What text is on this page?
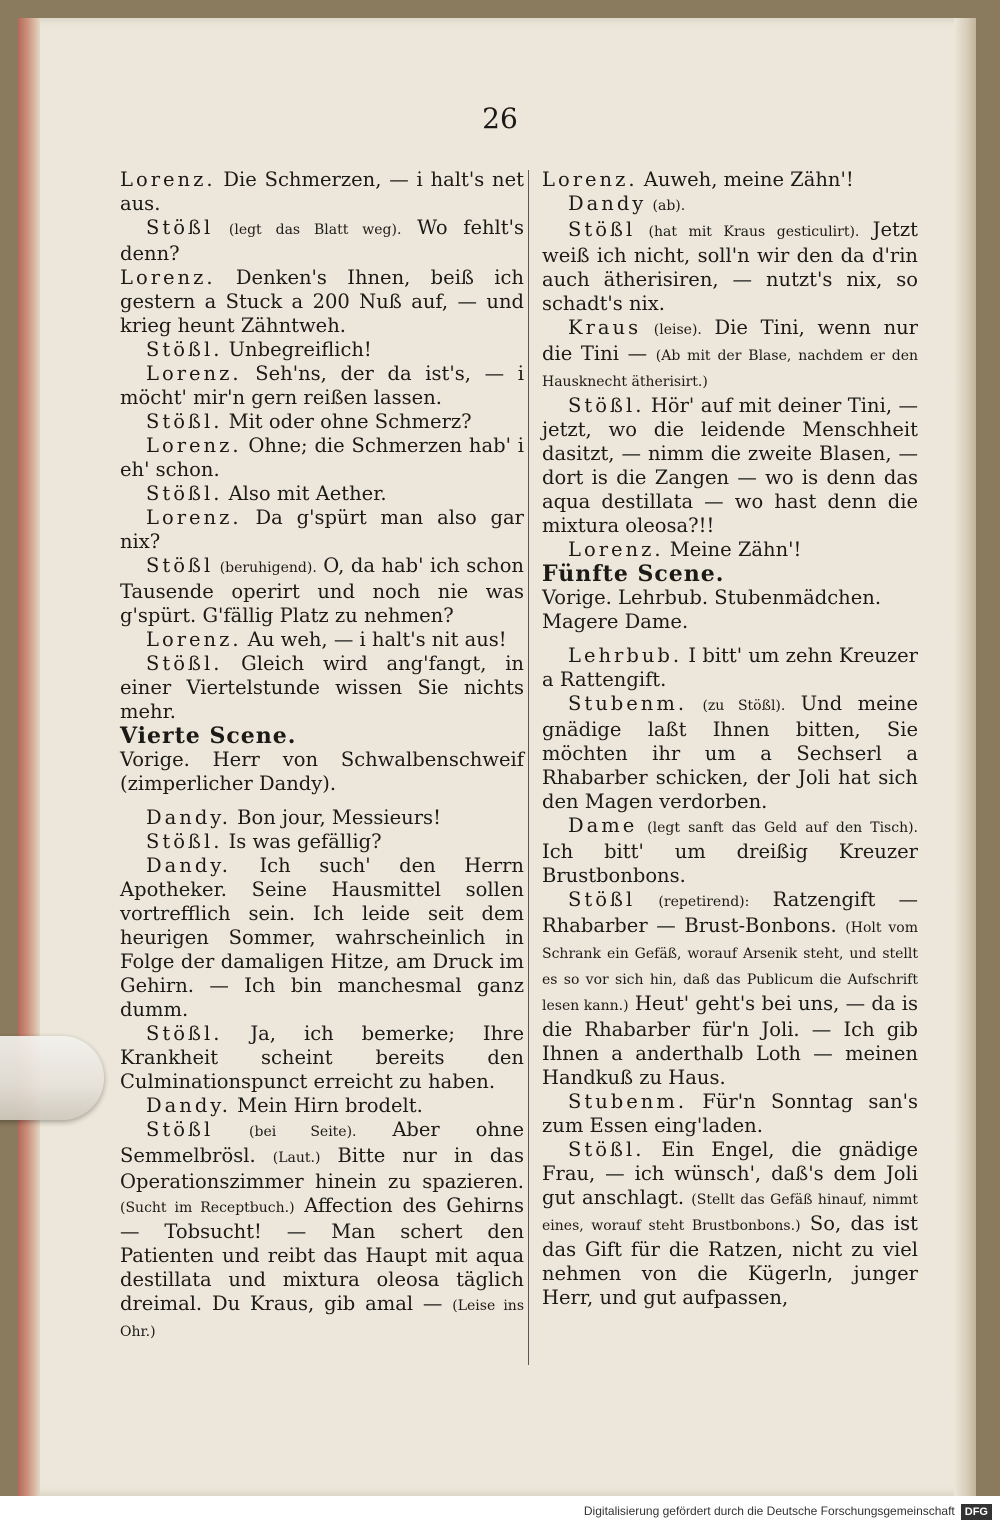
26

Lorenz. Die Schmerzen, — i halt's net aus.

Stößl (legt das Blatt weg). Wo fehlt's denn?

Lorenz. Denken's Ihnen, beiß ich gestern a Stuck a 200 Nuß auf, — und krieg heunt Zähntweh.

Stößl. Unbegreiflich!

Lorenz. Seh'ns, der da ist's, — i möcht' mir'n gern reißen lassen.

Stößl. Mit oder ohne Schmerz?

Lorenz. Ohne; die Schmerzen hab' i eh' schon.

Stößl. Also mit Aether.

Lorenz. Da g'spürt man also gar nix?

Stößl (beruhigend). O, da hab' ich schon Tausende operirt und noch nie was g'spürt. G'fällig Platz zu nehmen?

Lorenz. Au weh, — i halt's nit aus!

Stößl. Gleich wird ang'fangt, in einer Viertelstunde wissen Sie nichts mehr.

Vierte Scene.

Vorige. Herr von Schwalbenschweif (zimperlicher Dandy).

Dandy. Bon jour, Messieurs!

Stößl. Is was gefällig?

Dandy. Ich such' den Herrn Apotheker. Seine Hausmittel sollen vortrefflich sein. Ich leide seit dem heurigen Sommer, wahrscheinlich in Folge der damaligen Hitze, am Druck im Gehirn. — Ich bin manchesmal ganz dumm.

Stößl. Ja, ich bemerke; Ihre Krankheit scheint bereits den Culminationspunct erreicht zu haben.

Dandy. Mein Hirn brodelt.

Stößl	(bei Seite). Aber ohne Semmelbrösl. (Laut.) Bitte nur in das Operationszimmer hinein zu spazieren. (Sucht im Receptbuch.) Affection des Gehirns — Tobsucht! — Man schert den Patienten und reibt das Haupt mit aqua destillata und mixtura oleosa täglich dreimal. Du Kraus, gib amal — (Leise ins Ohr.)

Lorenz. Auweh, meine Zähn'!

Dandy (ab).

Stößl (hat mit Kraus gesticulirt). Jetzt weiß ich nicht, soll'n wir den da d'rin auch ätherisiren, — nutzt's nix, so schadt's nix.

Kraus (leise). Die Tini, wenn nur die Tini — (Ab mit der Blase, nachdem er den Hausknecht ätherisirt.)

Stößl. Hör' auf mit deiner Tini, — jetzt, wo die leidende Menschheit dasitzt, — nimm die zweite Blasen, — dort is die Zangen — wo is denn das aqua destillata — wo hast denn die mixtura oleosa?!!

Lorenz. Meine Zähn'!

Fünfte Scene.

Vorige. Lehrbub. Stubenmädchen.

Magere Dame.

Lehrbub. I bitt' um zehn Kreuzer a Rattengift.

Stubenm. (zu Stößl). Und meine gnädige laßt Ihnen bitten, Sie möchten ihr um a Sechserl a Rhabarber schicken, der Joli hat sich den Magen verdorben.

Dame (legt sanft das Geld auf den Tisch). Ich bitt' um dreißig Kreuzer Brustbonbons.

Stößl (repetirend): Ratzengift — Rhabarber — Brust-Bonbons. (Holt vom Schrank ein Gefäß, worauf Arsenik steht, und stellt es so vor sich hin, daß das Publicum die Aufschrift lesen kann.) Heut' geht's bei uns, — da is die Rhabarber für'n Joli. — Ich gib Ihnen a anderthalb Loth — meinen Handkuß zu Haus.

Stubenm. Für'n Sonntag san's zum Essen eing'laden.

Stößl. Ein Engel, die gnädige Frau, — ich wünsch', daß's dem Joli gut anschlagt. (Stellt das Gefäß hinauf, nimmt eines, worauf steht Brustbonbons.) So, das ist das Gift für die Ratzen, nicht zu viel nehmen von die Kügerln, junger Herr, und gut aufpassen,

Digitalisierung gefördert durch die Deutsche Forschungsgemeinschaft DFG
